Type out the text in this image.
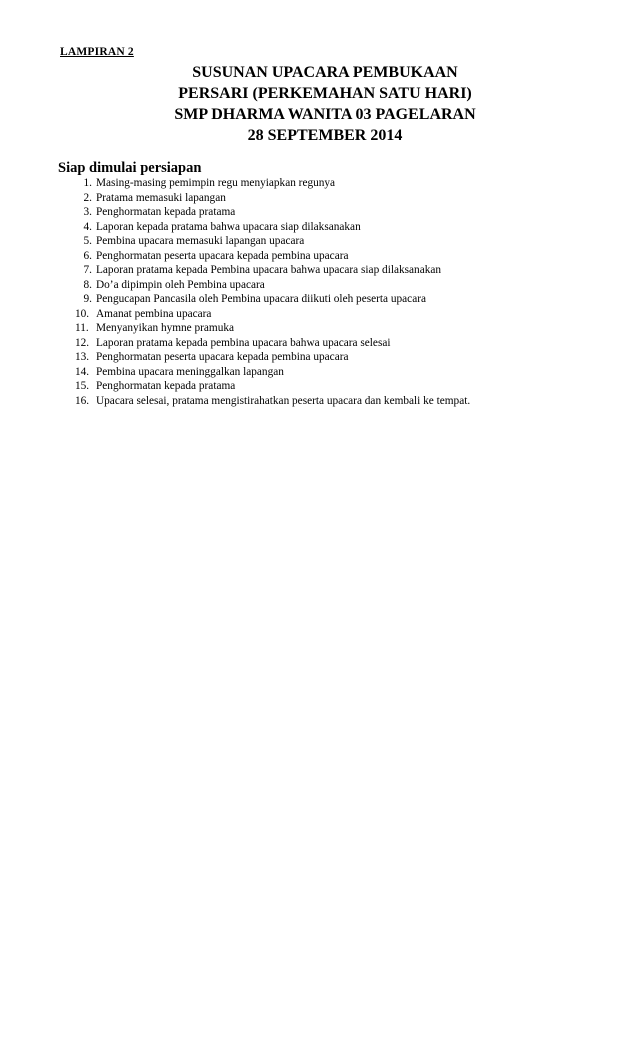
LAMPIRAN 2
SUSUNAN UPACARA PEMBUKAAN
PERSARI (PERKEMAHAN SATU HARI)
SMP DHARMA WANITA 03 PAGELARAN
28 SEPTEMBER 2014
Siap dimulai persiapan
1. Masing-masing pemimpin regu menyiapkan regunya
2. Pratama memasuki lapangan
3. Penghormatan kepada pratama
4. Laporan kepada pratama bahwa upacara siap dilaksanakan
5. Pembina upacara memasuki lapangan upacara
6. Penghormatan peserta upacara kepada pembina upacara
7. Laporan pratama kepada Pembina upacara bahwa upacara siap dilaksanakan
8. Do’a dipimpin oleh Pembina upacara
9. Pengucapan Pancasila oleh Pembina upacara diikuti oleh peserta upacara
10. Amanat pembina upacara
11. Menyanyikan hymne pramuka
12. Laporan pratama kepada pembina upacara bahwa upacara selesai
13. Penghormatan peserta upacara kepada pembina upacara
14. Pembina upacara meninggalkan lapangan
15. Penghormatan kepada pratama
16. Upacara selesai, pratama mengistirahatkan peserta upacara dan kembali ke tempat.
